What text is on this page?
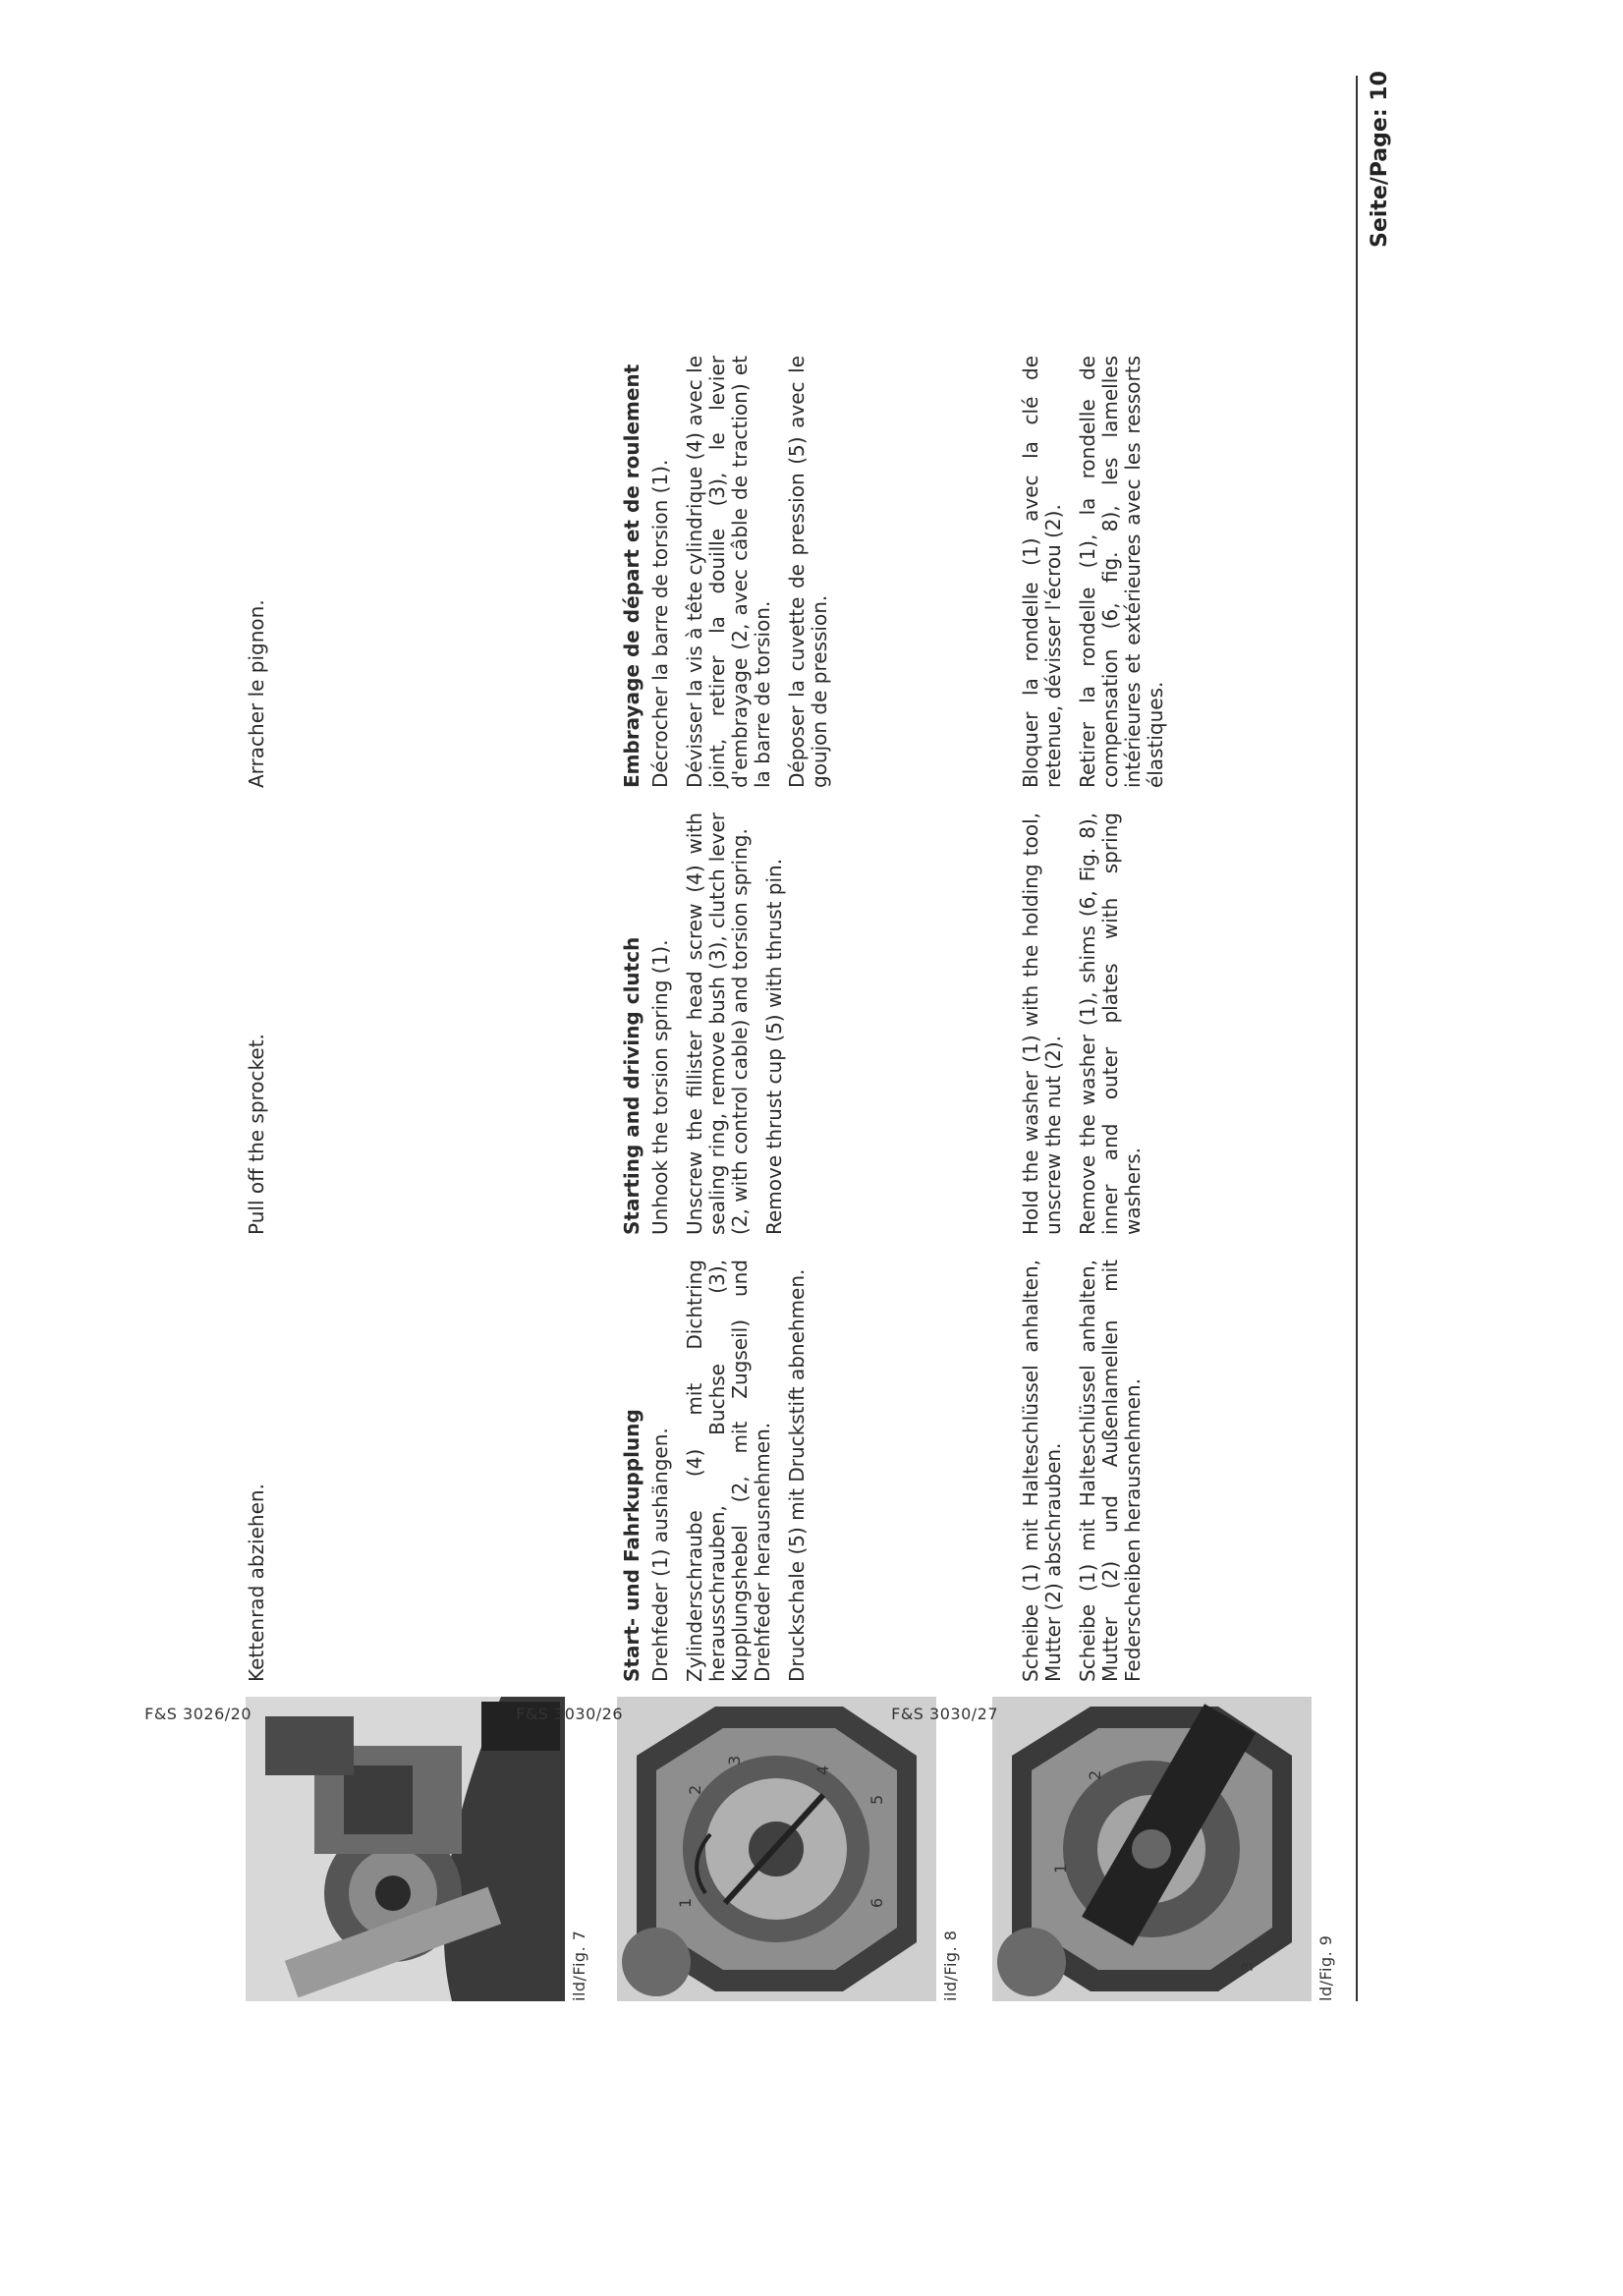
F&S 3026/20
ild/Fig. 7
1
2
3
4
5
6
F&S 3030/26
ild/Fig. 8
1
2
3
F&S 3030/27
ld/Fig. 9

Kettenrad abziehen.

Pull off the sprocket.

Arracher le pignon.

Start- und Fahrkupplung Drehfeder (1) aushängen. Zylinderschraube (4) mit Dichtring herausschrauben, Buchse (3), Kupplungshebel (2, mit Zugseil) und Drehfeder herausnehmen. Druckschale (5) mit Druckstift abnehmen.

Starting and driving clutch Unhook the torsion spring (1). Unscrew the fillister head screw (4) with sealing ring, remove bush (3), clutch lever (2, with control cable) and torsion spring. Remove thrust cup (5) with thrust pin.

Embrayage de départ et de roulement Décrocher la barre de torsion (1). Dévisser la vis à tête cylindrique (4) avec le joint, retirer la douille (3), le levier d'embrayage (2, avec câble de traction) et la barre de torsion. Déposer la cuvette de pression (5) avec le goujon de pression.

Scheibe (1) mit Halteschlüssel anhalten, Mutter (2) abschrauben. Scheibe (1) mit Halteschlüssel anhalten, Mutter (2) und Außenlamellen mit Federscheiben herausnehmen.

Hold the washer (1) with the holding tool, unscrew the nut (2). Remove the washer (1), shims (6, Fig. 8), inner and outer plates with spring washers.

Bloquer la rondelle (1) avec la clé de retenue, dévisser l'écrou (2). Retirer la rondelle (1), la rondelle de compensation (6, fig. 8), les lamelles intérieures et extérieures avec les ressorts élastiques.

Seite/Page: 10
